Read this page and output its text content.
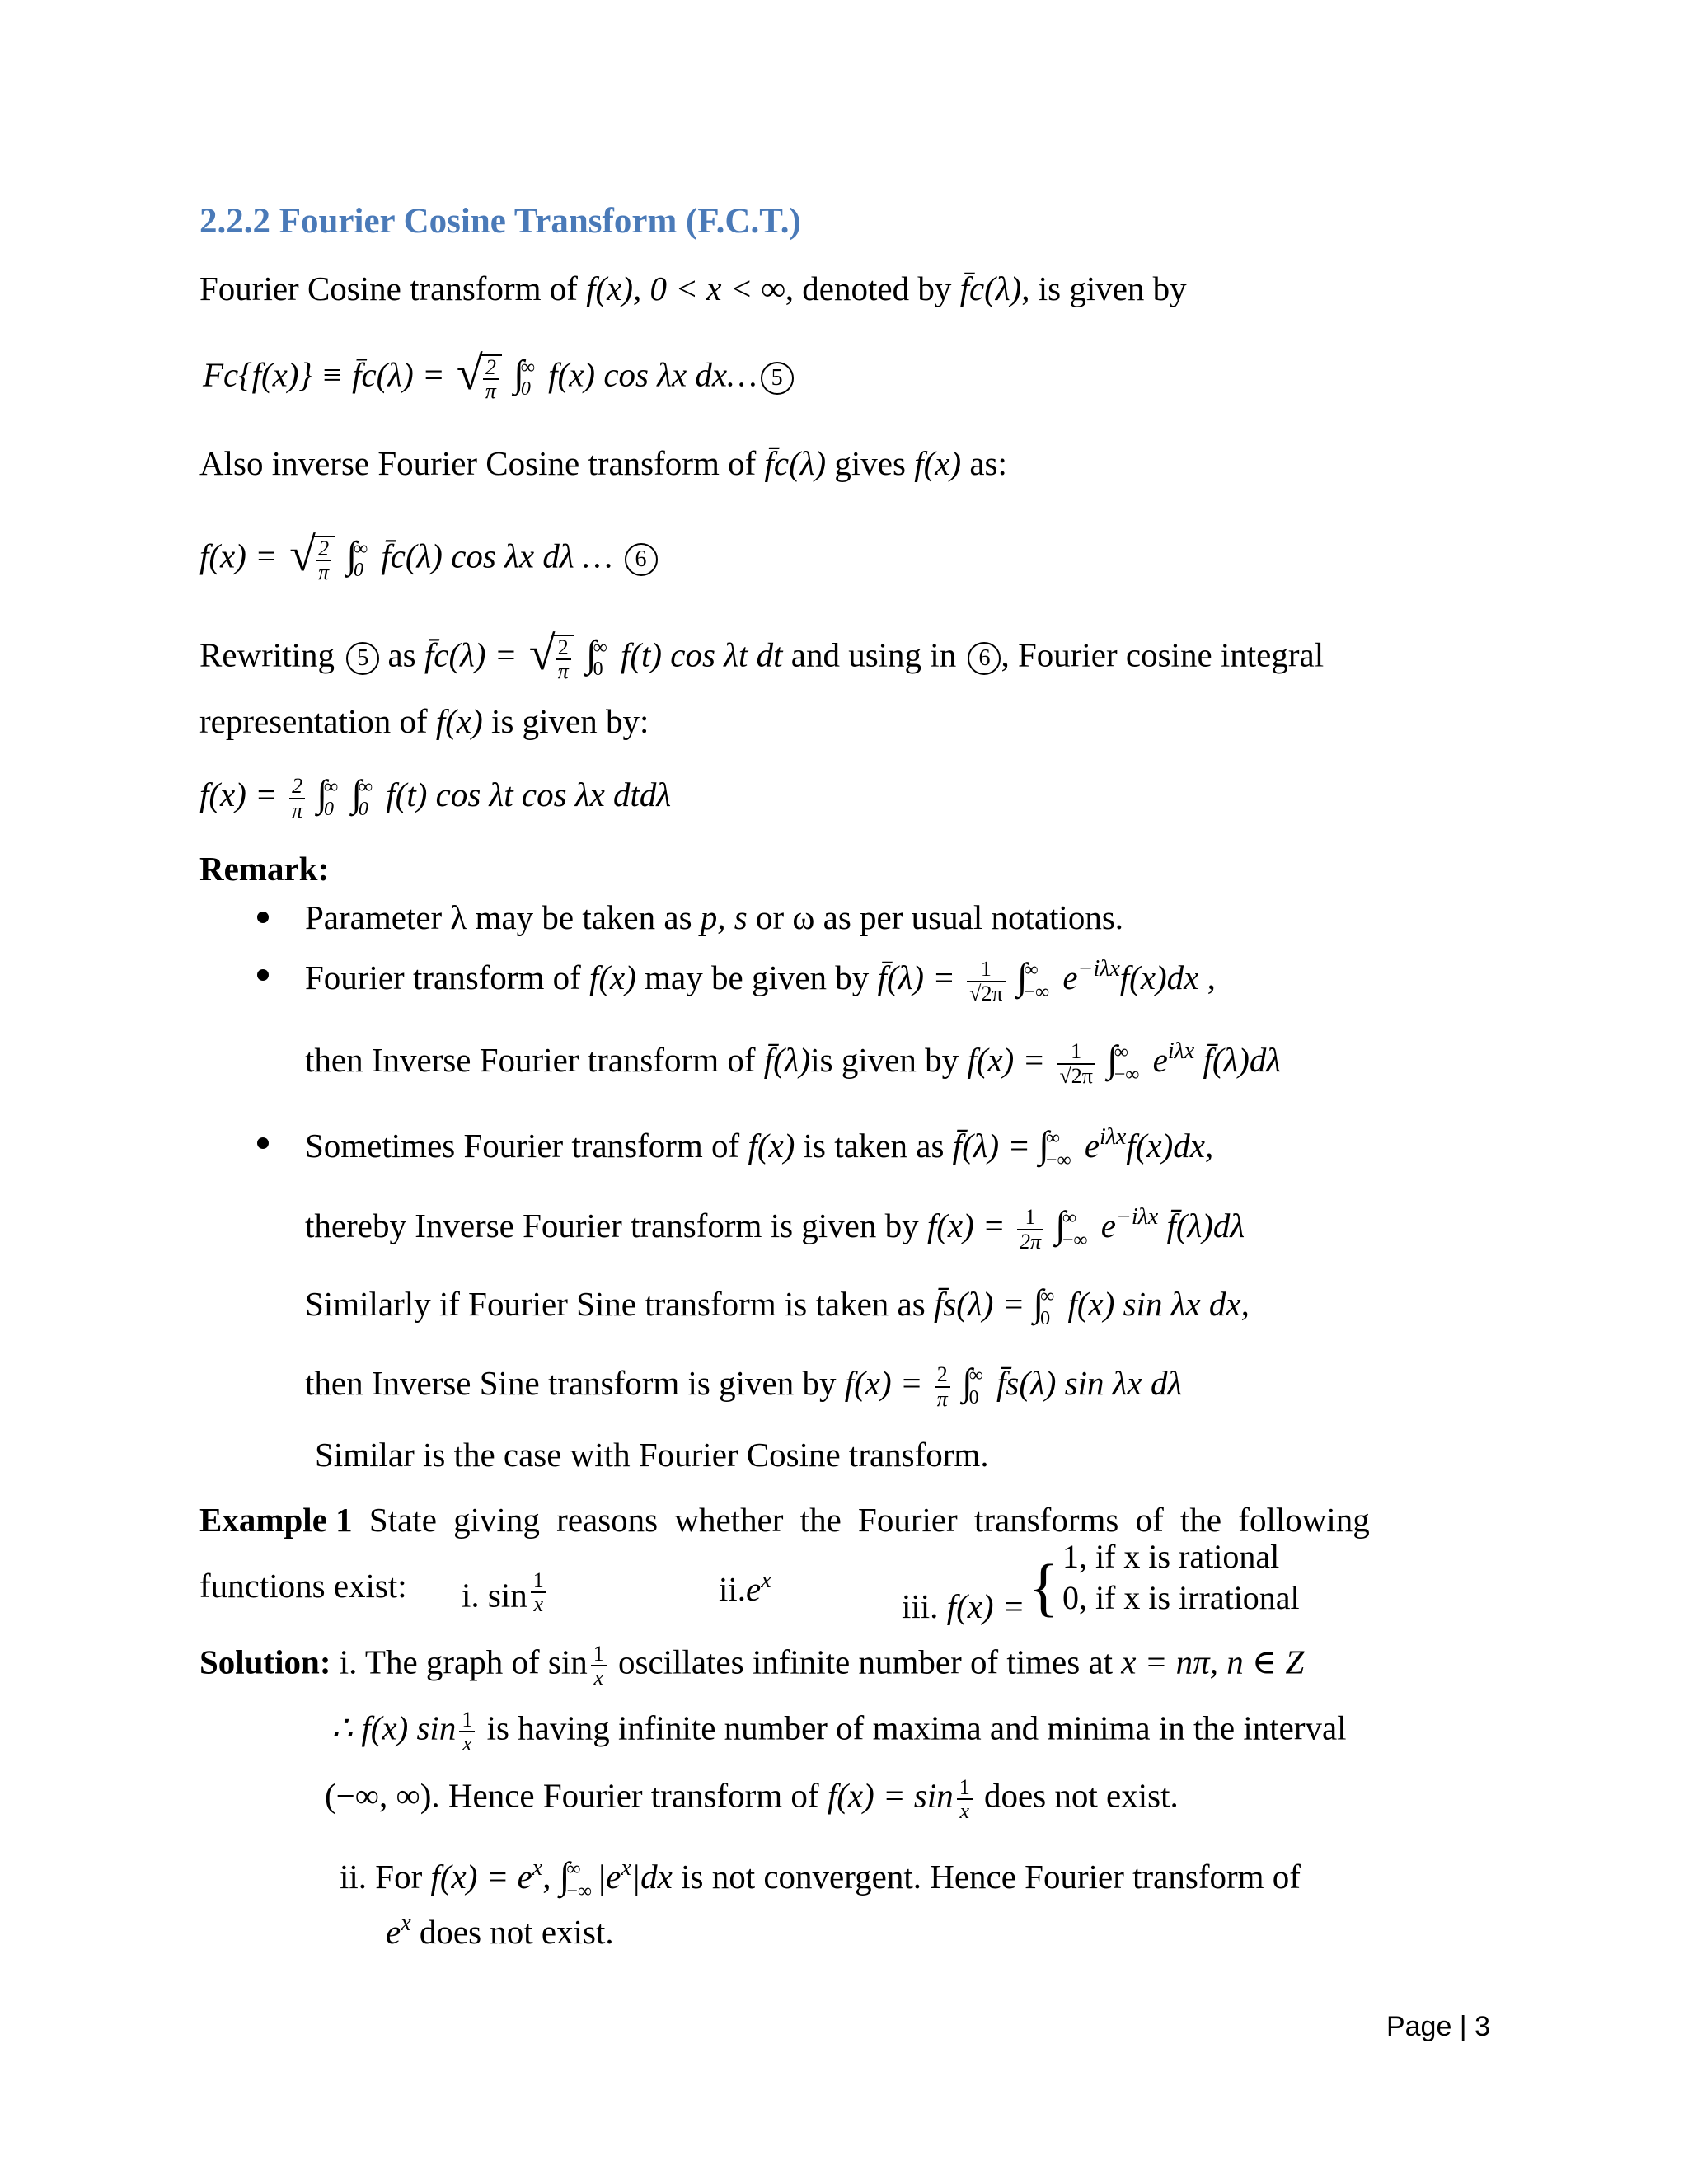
2.2.2 Fourier Cosine Transform (F.C.T.)
Fourier Cosine transform of f(x), 0 < x < ∞, denoted by f̄c(λ), is given by
Fc{f(x)} ≡ f̄c(λ) = √ $\frac{2}{\pi}$ ∫
∞
0 f(x) cos λx dx… 5
Also inverse Fourier Cosine transform of f̄c(λ) gives f(x) as:
f(x) = √ $\frac{2}{\pi}$ ∫
∞
0 f̄c(λ) cos λx dλ … 6
Rewriting 5 as f̄c(λ) = √ $\frac{2}{\pi}$ ∫
∞
0 f(t) cos λt dt and using in 6 , Fourier cosine integral
representation of f(x) is given by:
$f(x) = \frac{2}{\pi}$ ∫
∞
0 ∫
∞
0 f(t) cos λt cos λx dtdλ
Remark:
Parameter λ may be taken as p, s or ω as per usual notations.
Fourier transform of f(x) may be given by f̄(λ) = $\frac{1}{√2\pi}$ ∫
∞
−∞ $e^{-i\lambda x}f(x)dx$ ,
then Inverse Fourier transform of f̄(λ)is given by $f(x) = \frac{1}{√2\pi}$ ∫
∞
−∞ $e^{i\lambda x}$ f̄(λ)dλ
Sometimes Fourier transform of f(x) is taken as f̄(λ) = ∫
∞
−∞ $e^{i\lambda x}f(x)dx$,
thereby Inverse Fourier transform is given by $f(x) = \frac{1}{2\pi}$ ∫
∞
−∞ $e^{-i\lambda x}$ f̄(λ)dλ
Similarly if Fourier Sine transform is taken as f̄s(λ) = ∫
∞
0 f(x) sin λx dx,
then Inverse Sine transform is given by $f(x) = \frac{2}{\pi}$ ∫
∞
0 f̄s(λ) sin λx dλ
Similar is the case with Fourier Cosine transform.
Example 1 State giving reasons whether the Fourier transforms of the following
functions exist: i. $\sin \frac{1}{x}$	$ii.e^x$
iii. f(x) ={ 1, if x is rational
0, if x is irrational
Solution: i. The graph of $\sin \frac{1}{x}$ oscillates infinite number of times at x = nπ, n ∈ Z
∴ f(x) $\sin \frac{1}{x}$ is having infinite number of maxima and minima in the interval
(−∞, ∞). Hence Fourier transform of $f(x) = \sin \frac{1}{x}$ does not exist.
ii. For $f(x) = e^x$, ∫
∞
−∞ $|e^x|dx$ is not convergent. Hence Fourier transform of
$e^x$ does not exist.
Page | 3
